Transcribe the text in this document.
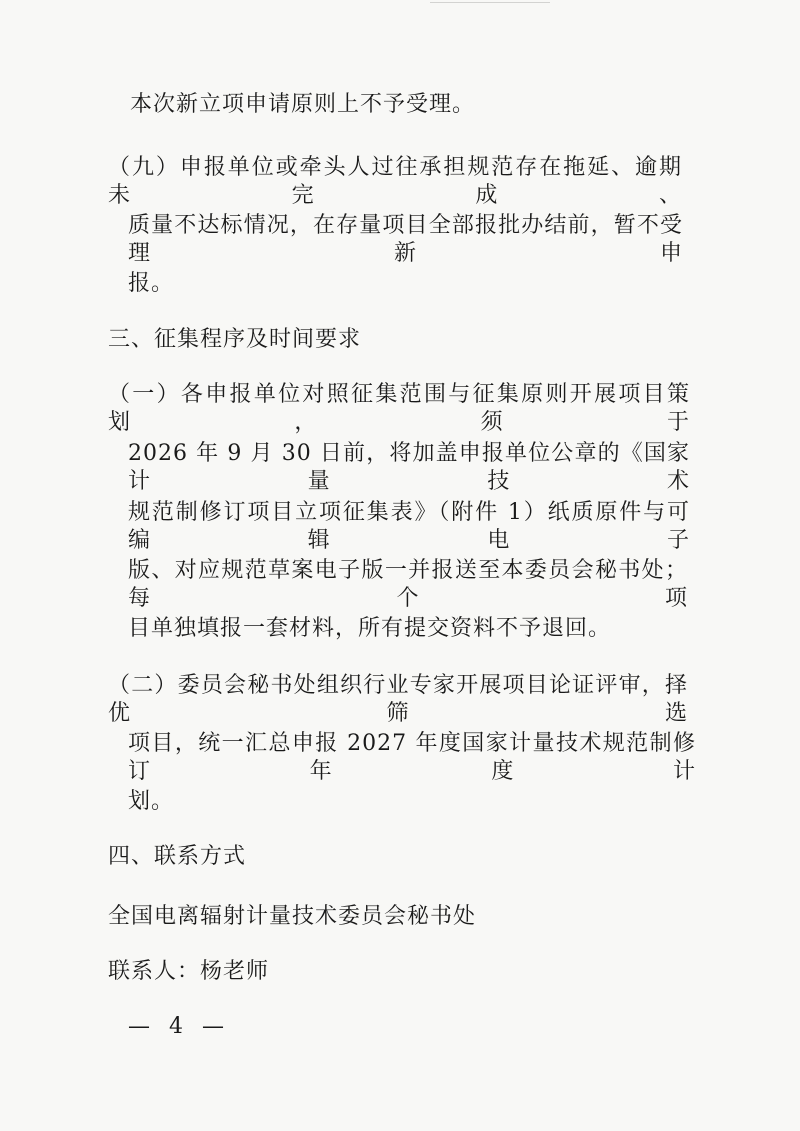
本次新立项申请原则上不予受理。
（九）申报单位或牵头人过往承担规范存在拖延、逾期未完成、
质量不达标情况，在存量项目全部报批办结前，暂不受理新申
报。
三、征集程序及时间要求
（一）各申报单位对照征集范围与征集原则开展项目策划，须于
2026 年 9 月 30 日前，将加盖申报单位公章的《国家计量技术
规范制修订项目立项征集表》（附件 1）纸质原件与可编辑电子
版、对应规范草案电子版一并报送至本委员会秘书处；每个项
目单独填报一套材料，所有提交资料不予退回。
（二）委员会秘书处组织行业专家开展项目论证评审，择优筛选
项目，统一汇总申报 2027 年度国家计量技术规范制修订年度计
划。
四、联系方式
全国电离辐射计量技术委员会秘书处
联系人：杨老师
— 4 —
